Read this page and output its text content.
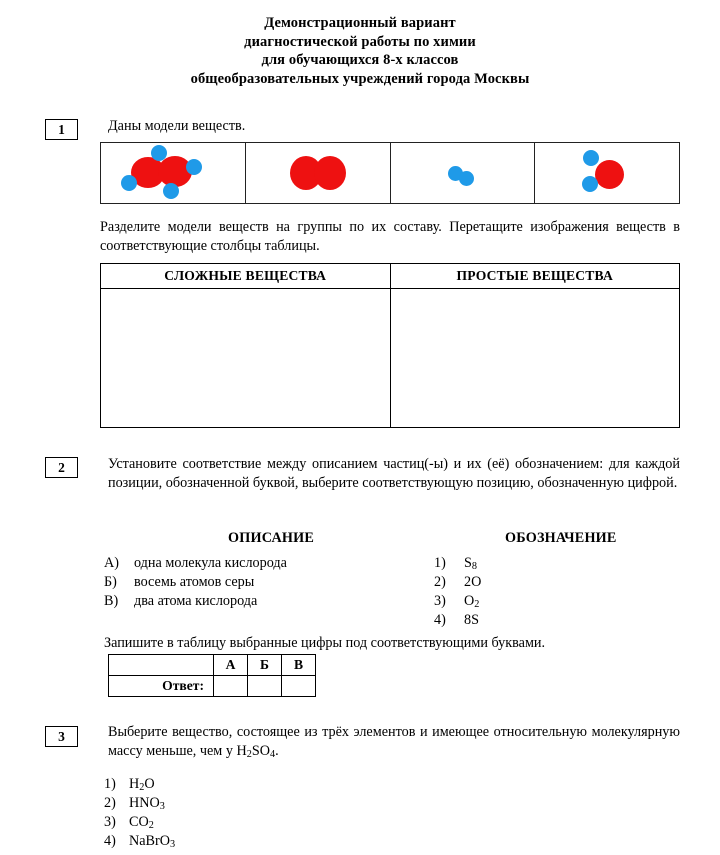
Демонстрационный вариант
диагностической работы по химии
для обучающихся 8-х классов
общеобразовательных учреждений города Москвы
1	Даны модели веществ.
Разделите модели веществ на группы по их составу. Перетащите изображения веществ в соответствующие столбцы таблицы.
СЛОЖНЫЕ ВЕЩЕСТВА	ПРОСТЫЕ ВЕЩЕСТВА
2	Установите соответствие между описанием частиц(-ы) и их (её) обозначением: для каждой позиции, обозначенной буквой, выберите соответствующую позицию, обозначенную цифрой.
ОПИСАНИЕ	ОБОЗНАЧЕНИЕ
А) одна молекула кислорода
Б) восемь атомов серы
В) два атома кислорода
1) $S_8$
2) 2O
3) $O_2$
4) 8S
Запишите в таблицу выбранные цифры под соответствующими буквами.
	А	Б	В
Ответ:			
3	Выберите вещество, состоящее из трёх элементов и имеющее относительную молекулярную массу меньше, чем у $H_2SO_4$.
1) $H_2O$
2) $HNO_3$
3) $CO_2$
4) NaBrO$_3$
